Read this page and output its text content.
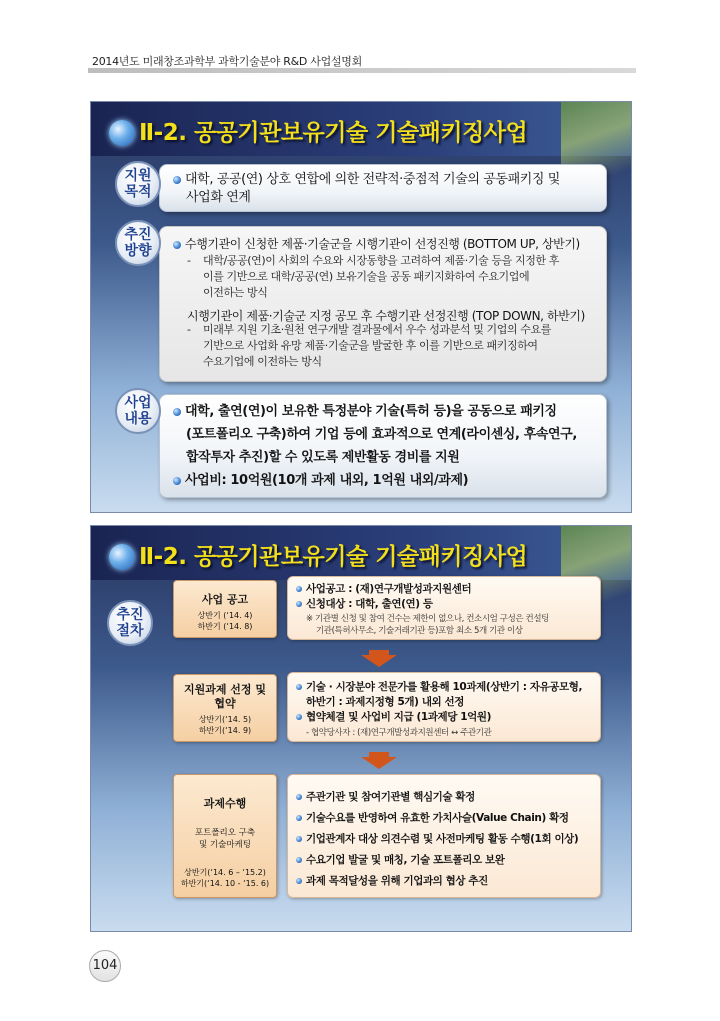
2014년도 미래창조과학부 과학기술분야 R&D 사업설명회
Ⅱ-2. 공공기관보유기술 기술패키징사업
지원
목적
대학, 공공(연) 상호 연합에 의한 전략적·중점적 기술의 공동패키징 및
사업화 연계
추진
방향	수행기관이 신청한 제품·기술군을 시행기관이 선정진행 (BOTTOM UP, 상반기)
- 대학/공공(연)이 사회의 수요와 시장동향을 고려하여 제품·기술 등을 지정한 후
이를 기반으로 대학/공공(연) 보유기술을 공동 패키지화하여 수요기업에
이전하는 방식
시행기관이 제품·기술군 지정 공모 후 수행기관 선정진행 (TOP DOWN, 하반기)
- 미래부 지원 기초·원천 연구개발 결과물에서 우수 성과분석 및 기업의 수요를
기반으로 사업화 유망 제품·기술군을 발굴한 후 이를 기반으로 패키징하여
수요기업에 이전하는 방식
사업
내용	대학, 출연(연)이 보유한 특정분야 기술(특허 등)을 공동으로 패키징
(포트폴리오 구축)하여 기업 등에 효과적으로 연계(라이센싱, 후속연구,
합작투자 추진)할 수 있도록 제반활동 경비를 지원
사업비: 10억원(10개 과제 내외, 1억원 내외/과제)
Ⅱ-2. 공공기관보유기술 기술패키징사업
추진
절차
사업 공고
상반기 (‘14. 4)
하반기 (‘14. 8)
사업공고 : (재)연구개발성과지원센터
신청대상 : 대학, 출연(연) 등
※ 기관별 신청 및 참여 건수는 제한이 없으나, 컨소시엄 구성은 컨설팅
기관(특허사무소, 기술거래기관 등)포함 최소 5개 기관 이상
지원과제 선정 및
협약
상반기(‘14. 5)
하반기(‘14. 9)
기술 · 시장분야 전문가를 활용해 10과제(상반기 : 자유공모형,
하반기 : 과제지정형 5개) 내외 선정
협약체결 및 사업비 지급 (1과제당 1억원)
- 협약당사자 : (재)연구개발성과지원센터 ↔ 주관기관
과제수행
포트폴리오 구축
및 기술마케팅
상반기(‘14. 6 – ‘15.2)
하반기(‘14. 10 - ‘15. 6)
주관기관 및 참여기관별 핵심기술 확정
기술수요를 반영하여 유효한 가치사슬(Value Chain) 확정
기업관계자 대상 의견수렴 및 사전마케팅 활동 수행(1회 이상)
수요기업 발굴 및 매칭, 기술 포트폴리오 보완
과제 목적달성을 위해 기업과의 협상 추진
104
